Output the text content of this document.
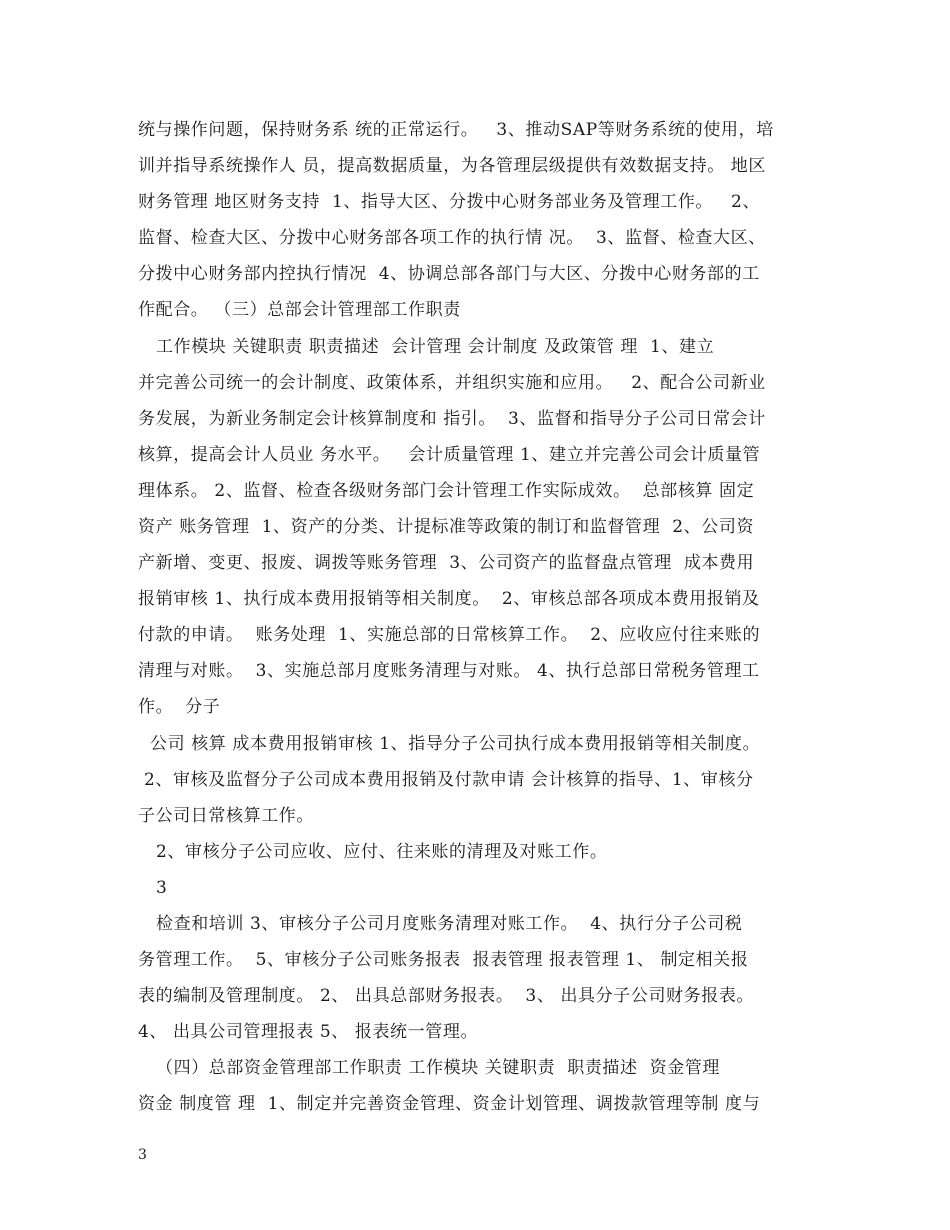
统与操作问题，保持财务系 统的正常运行。   3、推动SAP等财务系统的使用，培
训并指导系统操作人 员，提高数据质量，为各管理层级提供有效数据支持。 地区
财务管理 地区财务支持  1、指导大区、分拨中心财务部业务及管理工作。   2、
监督、检查大区、分拨中心财务部各项工作的执行情 况。  3、监督、检查大区、
分拨中心财务部内控执行情况  4、协调总部各部门与大区、分拨中心财务部的工
作配合。 （三）总部会计管理部工作职责
工作模块 关键职责 职责描述  会计管理 会计制度 及政策管 理  1、建立
并完善公司统一的会计制度、政策体系，并组织实施和应用。   2、配合公司新业
务发展，为新业务制定会计核算制度和 指引。  3、监督和指导分子公司日常会计
核算，提高会计人员业 务水平。   会计质量管理 1、建立并完善公司会计质量管
理体系。 2、监督、检查各级财务部门会计管理工作实际成效。  总部核算 固定
资产 账务管理  1、资产的分类、计提标准等政策的制订和监督管理  2、公司资
产新增、变更、报废、调拨等账务管理  3、公司资产的监督盘点管理  成本费用
报销审核 1、执行成本费用报销等相关制度。  2、审核总部各项成本费用报销及
付款的申请。  账务处理  1、实施总部的日常核算工作。  2、应收应付往来账的
清理与对账。  3、实施总部月度账务清理与对账。 4、执行总部日常税务管理工
作。  分子
公司 核算 成本费用报销审核 1、指导分子公司执行成本费用报销等相关制度。
2、审核及监督分子公司成本费用报销及付款申请 会计核算的指导、1、审核分
子公司日常核算工作。
2、审核分子公司应收、应付、往来账的清理及对账工作。
3
检查和培训 3、审核分子公司月度账务清理对账工作。  4、执行分子公司税
务管理工作。  5、审核分子公司账务报表  报表管理 报表管理 1、 制定相关报
表的编制及管理制度。 2、 出具总部财务报表。  3、 出具分子公司财务报表。
4、 出具公司管理报表 5、 报表统一管理。
（四）总部资金管理部工作职责 工作模块 关键职责  职责描述  资金管理
资金 制度管 理  1、制定并完善资金管理、资金计划管理、调拨款管理等制 度与
3
